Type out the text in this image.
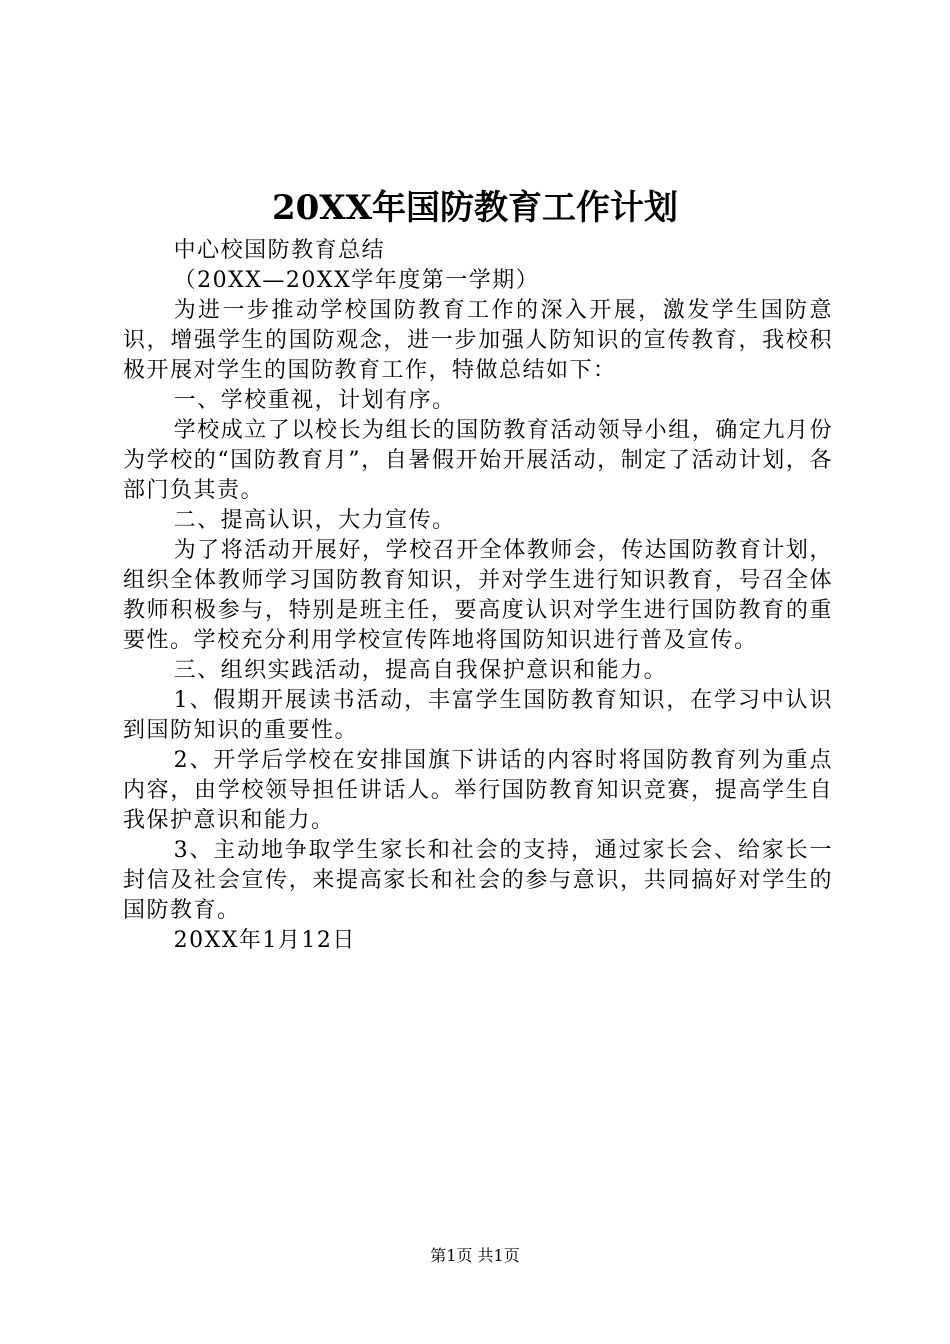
20XX年国防教育工作计划

中心校国防教育总结

（20XX—20XX学年度第一学期）

为进一步推动学校国防教育工作的深入开展，激发学生国防意识，增强学生的国防观念，进一步加强人防知识的宣传教育，我校积极开展对学生的国防教育工作，特做总结如下：

一、学校重视，计划有序。

学校成立了以校长为组长的国防教育活动领导小组，确定九月份为学校的“国防教育月”，自暑假开始开展活动，制定了活动计划，各部门负其责。

二、提高认识，大力宣传。

为了将活动开展好，学校召开全体教师会，传达国防教育计划，组织全体教师学习国防教育知识，并对学生进行知识教育，号召全体教师积极参与，特别是班主任，要高度认识对学生进行国防教育的重要性。学校充分利用学校宣传阵地将国防知识进行普及宣传。

三、组织实践活动，提高自我保护意识和能力。

1、假期开展读书活动，丰富学生国防教育知识，在学习中认识到国防知识的重要性。

2、开学后学校在安排国旗下讲话的内容时将国防教育列为重点内容，由学校领导担任讲话人。举行国防教育知识竞赛，提高学生自我保护意识和能力。

3、主动地争取学生家长和社会的支持，通过家长会、给家长一封信及社会宣传，来提高家长和社会的参与意识，共同搞好对学生的国防教育。

20XX年1月12日

第1页 共1页
